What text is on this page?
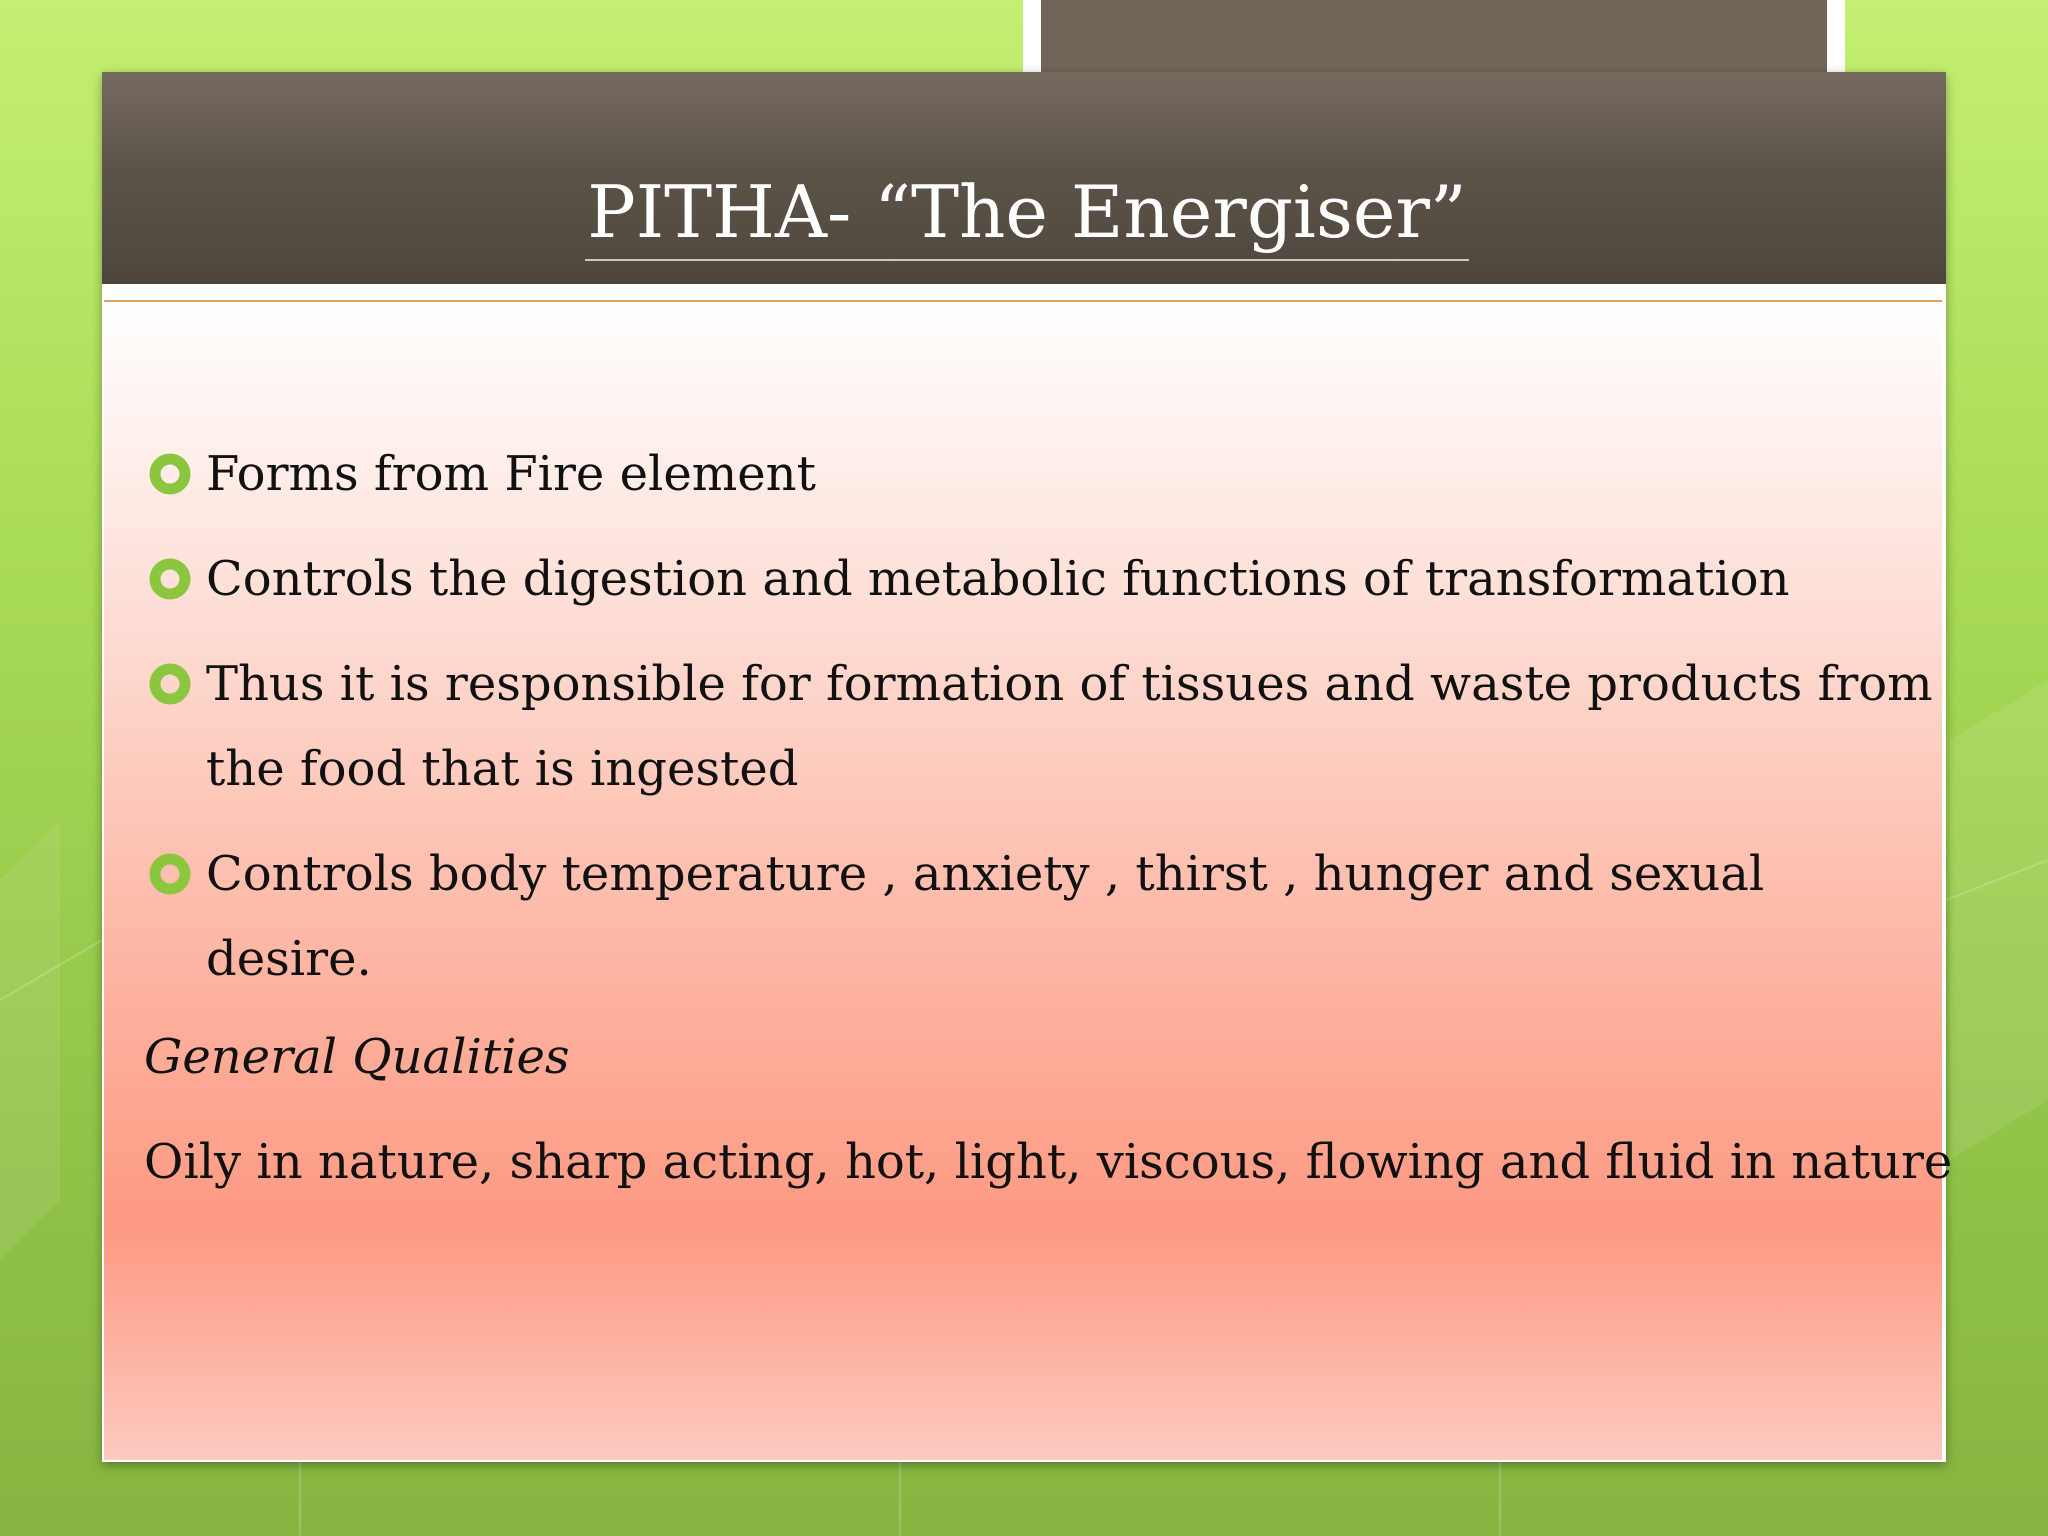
PITHA- “The Energiser”
Forms from Fire element
Controls the digestion and metabolic functions of transformation
Thus it is responsible for formation of tissues and waste products from the food that is ingested
Controls body temperature , anxiety , thirst , hunger and sexual desire.
General Qualities
Oily in nature, sharp acting, hot, light, viscous, flowing and fluid in nature
